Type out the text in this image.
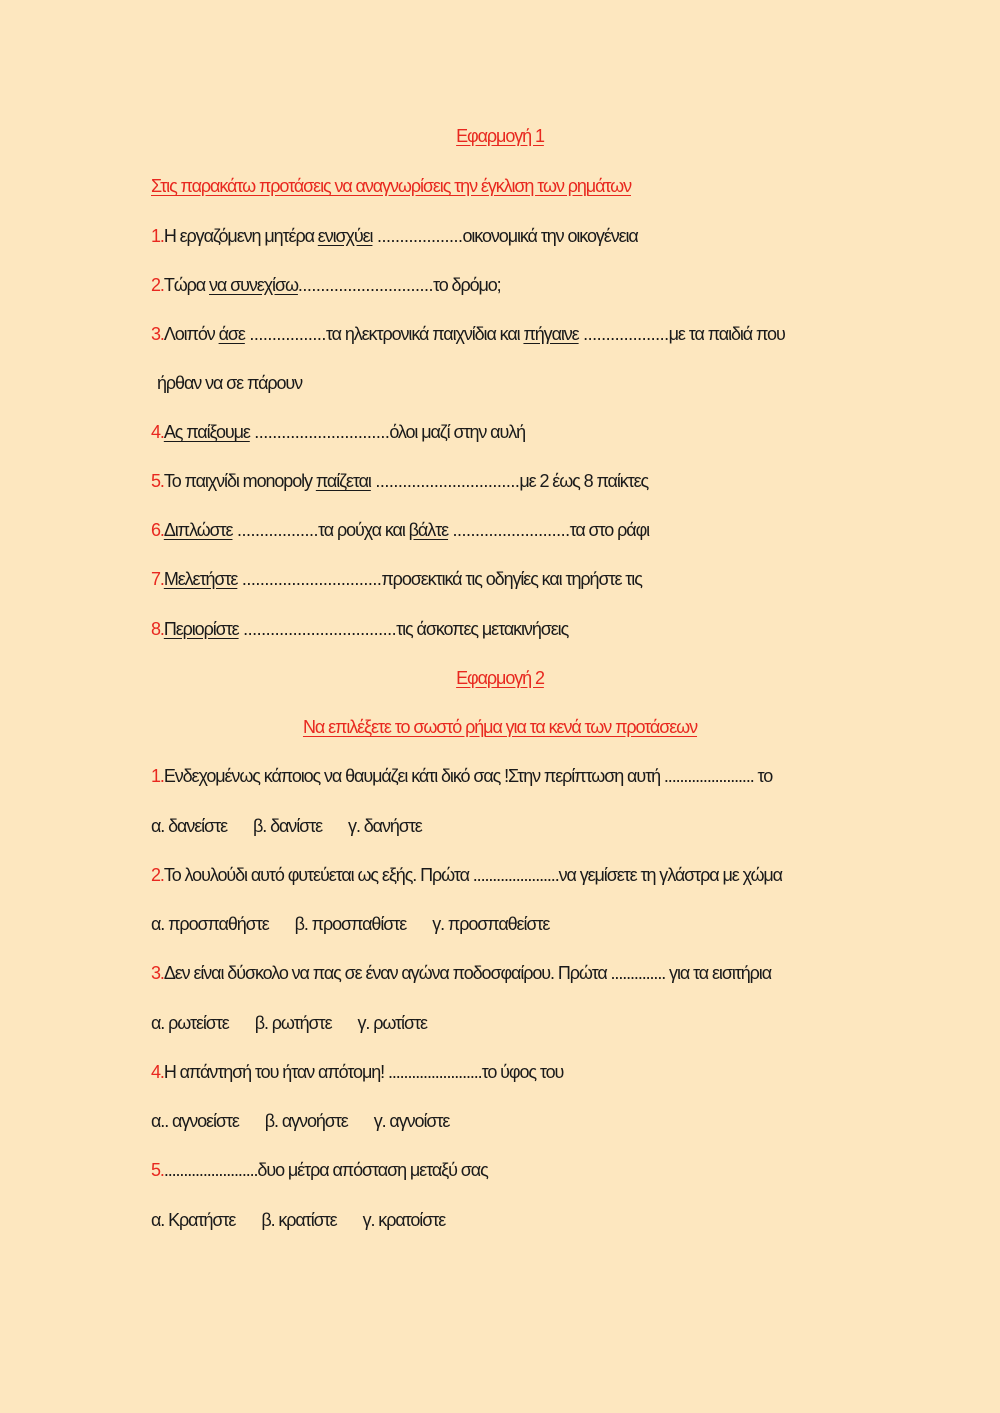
Εφαρμογή 1
Στις παρακάτω προτάσεις να αναγνωρίσεις την έγκλιση των ρημάτων
1.Η εργαζόμενη μητέρα ενισχύει ...................οικονομικά την οικογένεια
2.Τώρα να συνεχίσω..............................το δρόμο;
3.Λοιπόν άσε .................τα ηλεκτρονικά παιχνίδια και πήγαινε ...................με τα παιδιά που
ήρθαν να σε πάρουν
4.Ας παίξουμε ..............................όλοι μαζί στην αυλή
5.Το παιχνίδι monopoly παίζεται ................................με 2 έως 8 παίκτες
6.Διπλώστε ..................τα ρούχα και βάλτε ..........................τα στο ράφι
7.Μελετήστε ...............................προσεκτικά τις οδηγίες και τηρήστε τις
8.Περιορίστε ..................................τις άσκοπες μετακινήσεις
Εφαρμογή 2
Να επιλέξετε το σωστό ρήμα για τα κενά των προτάσεων
1.Ενδεχομένως κάποιος να θαυμάζει κάτι δικό σας !Στην περίπτωση αυτή ....................... το
α. δανείστε β. δανίστε γ. δανήστε
2.Το λουλούδι αυτό φυτεύεται ως εξής. Πρώτα ......................να γεμίσετε τη γλάστρα με χώμα
α. προσπαθήστε β. προσπαθίστε γ. προσπαθείστε
3.Δεν είναι δύσκολο να πας σε έναν αγώνα ποδοσφαίρου. Πρώτα .............. για τα εισιτήρια
α. ρωτείστε β. ρωτήστε γ. ρωτίστε
4.Η απάντησή του ήταν απότομη! ........................το ύφος του
α.. αγνοείστε β. αγνοήστε γ. αγνοίστε
5.........................δυο μέτρα απόσταση μεταξύ σας
α. Κρατήστε β. κρατίστε γ. κρατοίστε
